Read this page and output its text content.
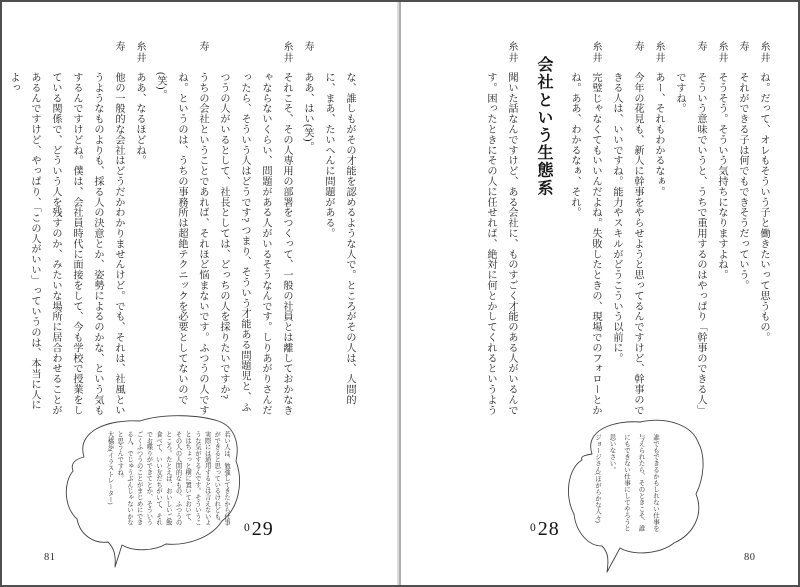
糸井
ね。だって、オレもそういう子と働きたいって思うもの。
寿
それができる子は何でもできそうだっていう。
糸井
そうそう。そういう気持ちになりますよね。
寿
そういう意味でいうと、うちで重用するのはやっぱり「幹事のできる人」ですね。
糸井
あー、それもわかるなぁ。
寿
今年の花見も、新人に幹事をやらせようと思ってるんですけど、幹事のできる人は、いいですね。能力やスキルがどうこういう以前に。
糸井
完璧じゃなくてもいいんだよね。失敗したときの、現場でのフォローとかね。ああ、わかるなぁ、それ。
会社という生態系
糸井
聞いた話なんですけど、ある会社に、ものすごく才能のある人がいるんです。困ったときにその人に任せれば、絶対に何とかしてくれるというよう
誰でもできるかもしれない仕事を
与えられたら、そのときこそ、誰
にもできない仕事にしてやろうと
思いなさい。
ジョージさん(ほがらかな人々)
$^0$28
80
な、誰しもがその才能を認めるような人で。ところがその人は、人間的に、まあ、たいへんに問題がある。
寿
ああ、はい(笑)。
糸井
それこそ、その人専用の部署をつくって、一般の社員とは離しておかなきゃならないくらい、問題がある人がいるそうなんです。しりあがりさんだったら、そういう人はどうです? つまり、そういう才能ある問題児と、ふつうの人がいるとして、社長としては、どっちの人を採りたいですか?
寿
うちの会社ということであれば、それほど悩まないです。ふつうの人ですね。というのは、うちの事務所は超絶テクニックを必要としてないので(笑)。
糸井
ああ、なるほどね。
寿
他の一般的な会社はどうだかわかりませんけど。でも、それは、社風というようなものよりも、採る人の決意とか、姿勢によるのかな、という気もするんですけどね。僕は、会社員時代に面接をして、今も学校で授業をしている関係で、どういう人を残すのか、みたいな場所に居合わせることがあるんですけど、やっぱり、「この人がいい」っていうのは、本当に人によっ
若い人は、勉強してきたから仕事
ができると思っているけれども、
実際には通用するとは言えないよ
うな気がするんです。そういうこ
とはちょっと横に置いておいて、
その人の人間的なもの、ふつうの
ところ。たとえば、おいしいご飯
食べて、いい友だちがいて、それ
でお喋りができてとか、そういう
ごくふつうのことがまじめにでき
る人、でじゅうぶんじゃないかな
と思うんですね。
大橋歩(イラストレーター)
$^0$29
81
